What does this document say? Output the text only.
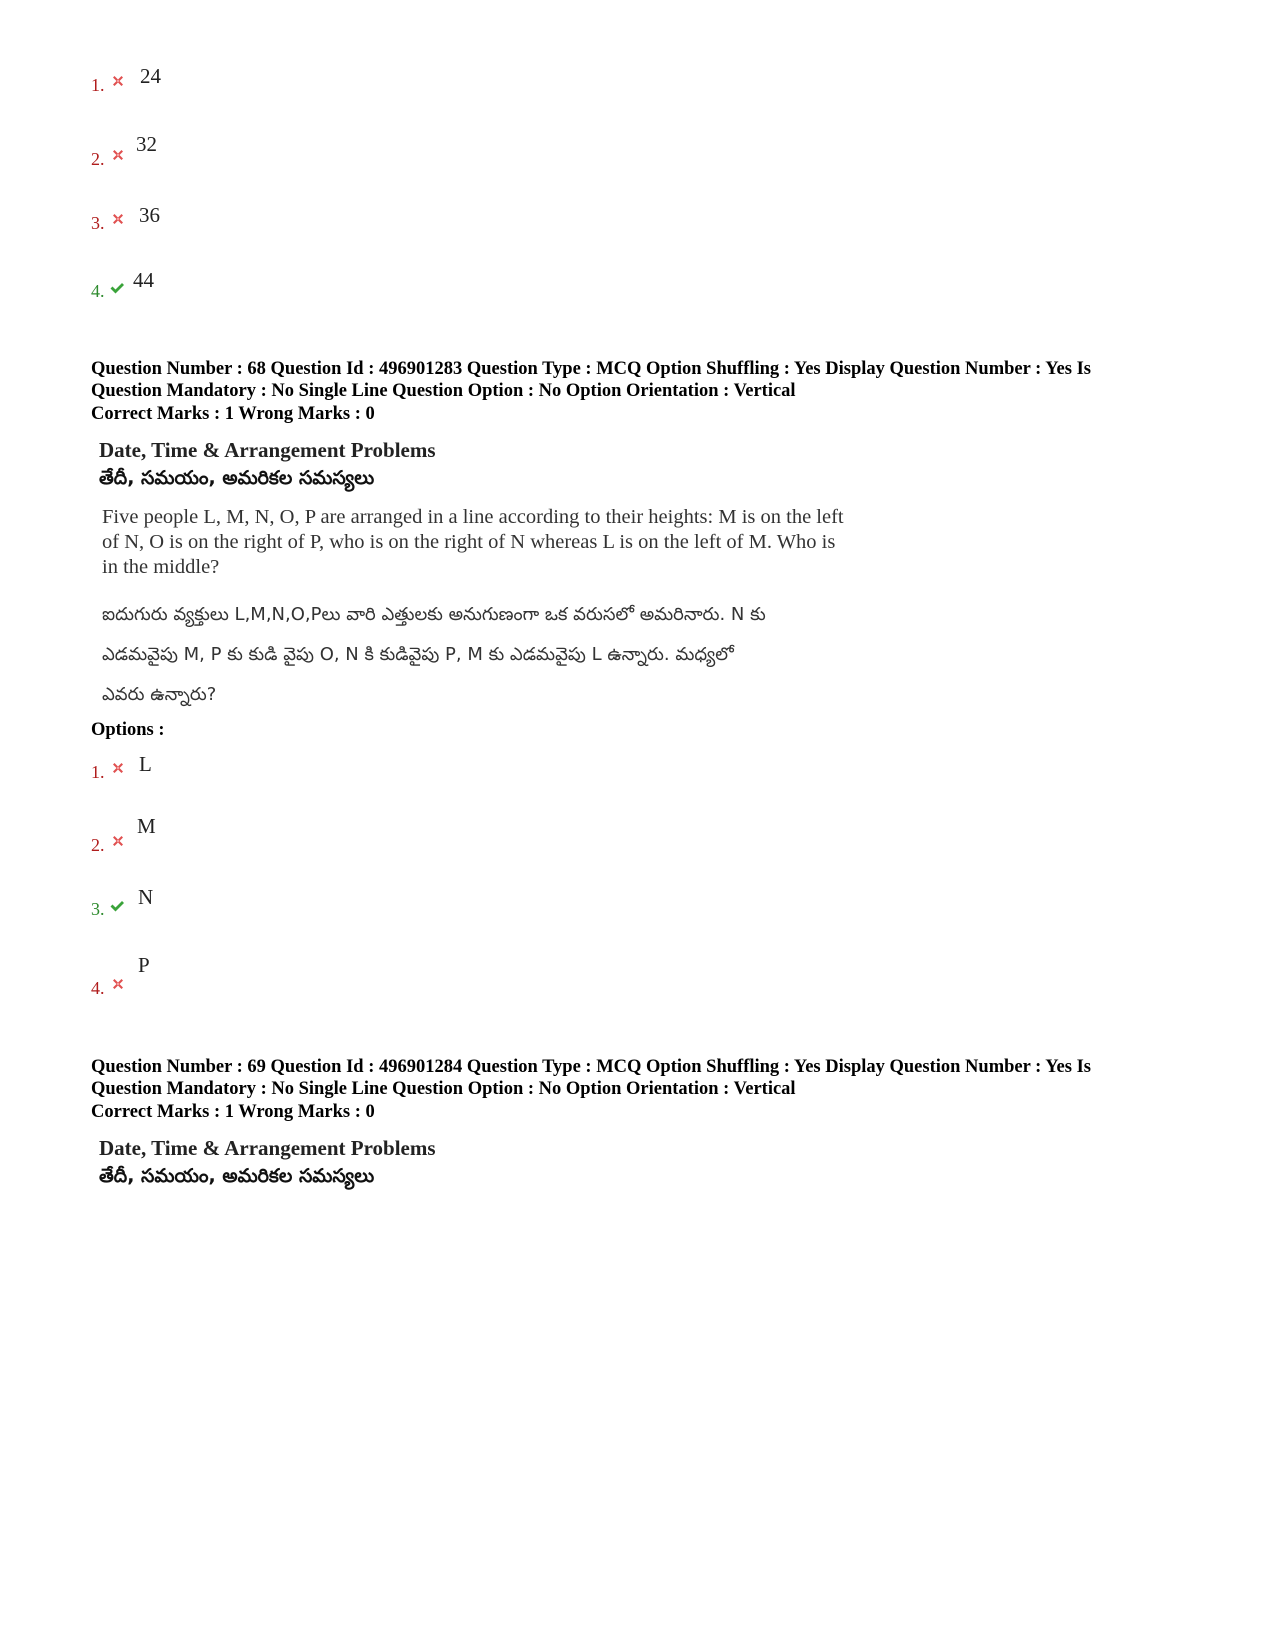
1. 24
2.
32
3. 36
4. 44
Question Number : 68 Question Id : 496901283 Question Type : MCQ Option Shuffling : Yes Display Question Number : Yes Is
Question Mandatory : No Single Line Question Option : No Option Orientation : Vertical
Correct Marks : 1 Wrong Marks : 0
Date, Time & Arrangement Problems
తేదీ, సమయం, అమరికల సమస్యలు
Five people L, M, N, O, P are arranged in a line according to their heights: M is on the left
of N, O is on the right of P, who is on the right of N whereas L is on the left of M. Who is
in the middle?
ఐదుగురు వ్యక్తులు L,M,N,O,Pలు వారి ఎత్తులకు అనుగుణంగా ఒక వరుసలో అమరినారు. N కు
ఎడమవైపు M, P కు కుడి వైపు O, N కి కుడివైపు P, M కు ఎడమవైపు L ఉన్నారు. మధ్యలో
ఎవరు ఉన్నారు?
Options :
1. L
2.
M
3. N
4.
P
Question Number : 69 Question Id : 496901284 Question Type : MCQ Option Shuffling : Yes Display Question Number : Yes Is
Question Mandatory : No Single Line Question Option : No Option Orientation : Vertical
Correct Marks : 1 Wrong Marks : 0
Date, Time & Arrangement Problems
తేదీ, సమయం, అమరికల సమస్యలు
